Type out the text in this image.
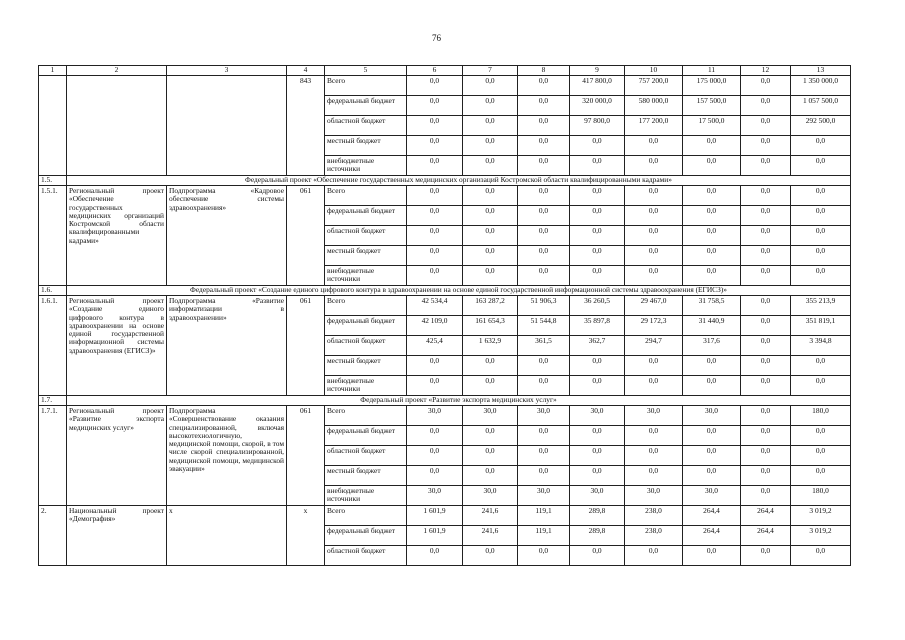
76
1	2	3	4	5	6	7	8	9	10	11	12	13
			843	Всего	0,0	0,0	0,0	417 800,0	757 200,0	175 000,0	0,0	1 350 000,0
				федеральный бюджет	0,0	0,0	0,0	320 000,0	580 000,0	157 500,0	0,0	1 057 500,0
				областной бюджет	0,0	0,0	0,0	97 800,0	177 200,0	17 500,0	0,0	292 500,0
				местный бюджет	0,0	0,0	0,0	0,0	0,0	0,0	0,0	0,0
				внебюджетные источники	0,0	0,0	0,0	0,0	0,0	0,0	0,0	0,0
1.5.	Федеральный проект «Обеспечение государственных медицинских организаций Костромской области квалифицированными кадрами»											
1.5.1.	Региональный проект «Обеспечение государственных медицинских организаций Костромской области квалифицированными кадрами»	Подпрограмма «Кадровое обеспечение системы здравоохранения»	061	Всего	0,0	0,0	0,0	0,0	0,0	0,0	0,0	0,0
				федеральный бюджет	0,0	0,0	0,0	0,0	0,0	0,0	0,0	0,0
				областной бюджет	0,0	0,0	0,0	0,0	0,0	0,0	0,0	0,0
				местный бюджет	0,0	0,0	0,0	0,0	0,0	0,0	0,0	0,0
				внебюджетные источники	0,0	0,0	0,0	0,0	0,0	0,0	0,0	0,0
1.6.	Федеральный проект «Создание единого цифрового контура в здравоохранении на основе единой государственной информационной системы здравоохранения (ЕГИСЗ)»											
1.6.1.	Региональный проект «Создание единого цифрового контура в здравоохранении на основе единой государственной информационной системы здравоохранения (ЕГИСЗ)»	Подпрограмма «Развитие информатизации в здравоохранении»	061	Всего	42 534,4	163 287,2	51 906,3	36 260,5	29 467,0	31 758,5	0,0	355 213,9
				федеральный бюджет	42 109,0	161 654,3	51 544,8	35 897,8	29 172,3	31 440,9	0,0	351 819,1
				областной бюджет	425,4	1 632,9	361,5	362,7	294,7	317,6	0,0	3 394,8
				местный бюджет	0,0	0,0	0,0	0,0	0,0	0,0	0,0	0,0
				внебюджетные источники	0,0	0,0	0,0	0,0	0,0	0,0	0,0	0,0
1.7.	Федеральный проект «Развитие экспорта медицинских услуг»											
1.7.1.	Региональный проект «Развитие экспорта медицинских услуг»	Подпрограмма «Совершенствование оказания специализированной, включая высокотехнологичную, медицинской помощи, скорой, в том числе скорой специализированной, медицинской помощи, медицинской эвакуации»	061	Всего	30,0	30,0	30,0	30,0	30,0	30,0	0,0	180,0
				федеральный бюджет	0,0	0,0	0,0	0,0	0,0	0,0	0,0	0,0
				областной бюджет	0,0	0,0	0,0	0,0	0,0	0,0	0,0	0,0
				местный бюджет	0,0	0,0	0,0	0,0	0,0	0,0	0,0	0,0
				внебюджетные источники	30,0	30,0	30,0	30,0	30,0	30,0	0,0	180,0
2.	Национальный проект «Демография»	х	х	Всего	1 601,9	241,6	119,1	289,8	238,0	264,4	264,4	3 019,2
				федеральный бюджет	1 601,9	241,6	119,1	289,8	238,0	264,4	264,4	3 019,2
				областной бюджет	0,0	0,0	0,0	0,0	0,0	0,0	0,0	0,0
